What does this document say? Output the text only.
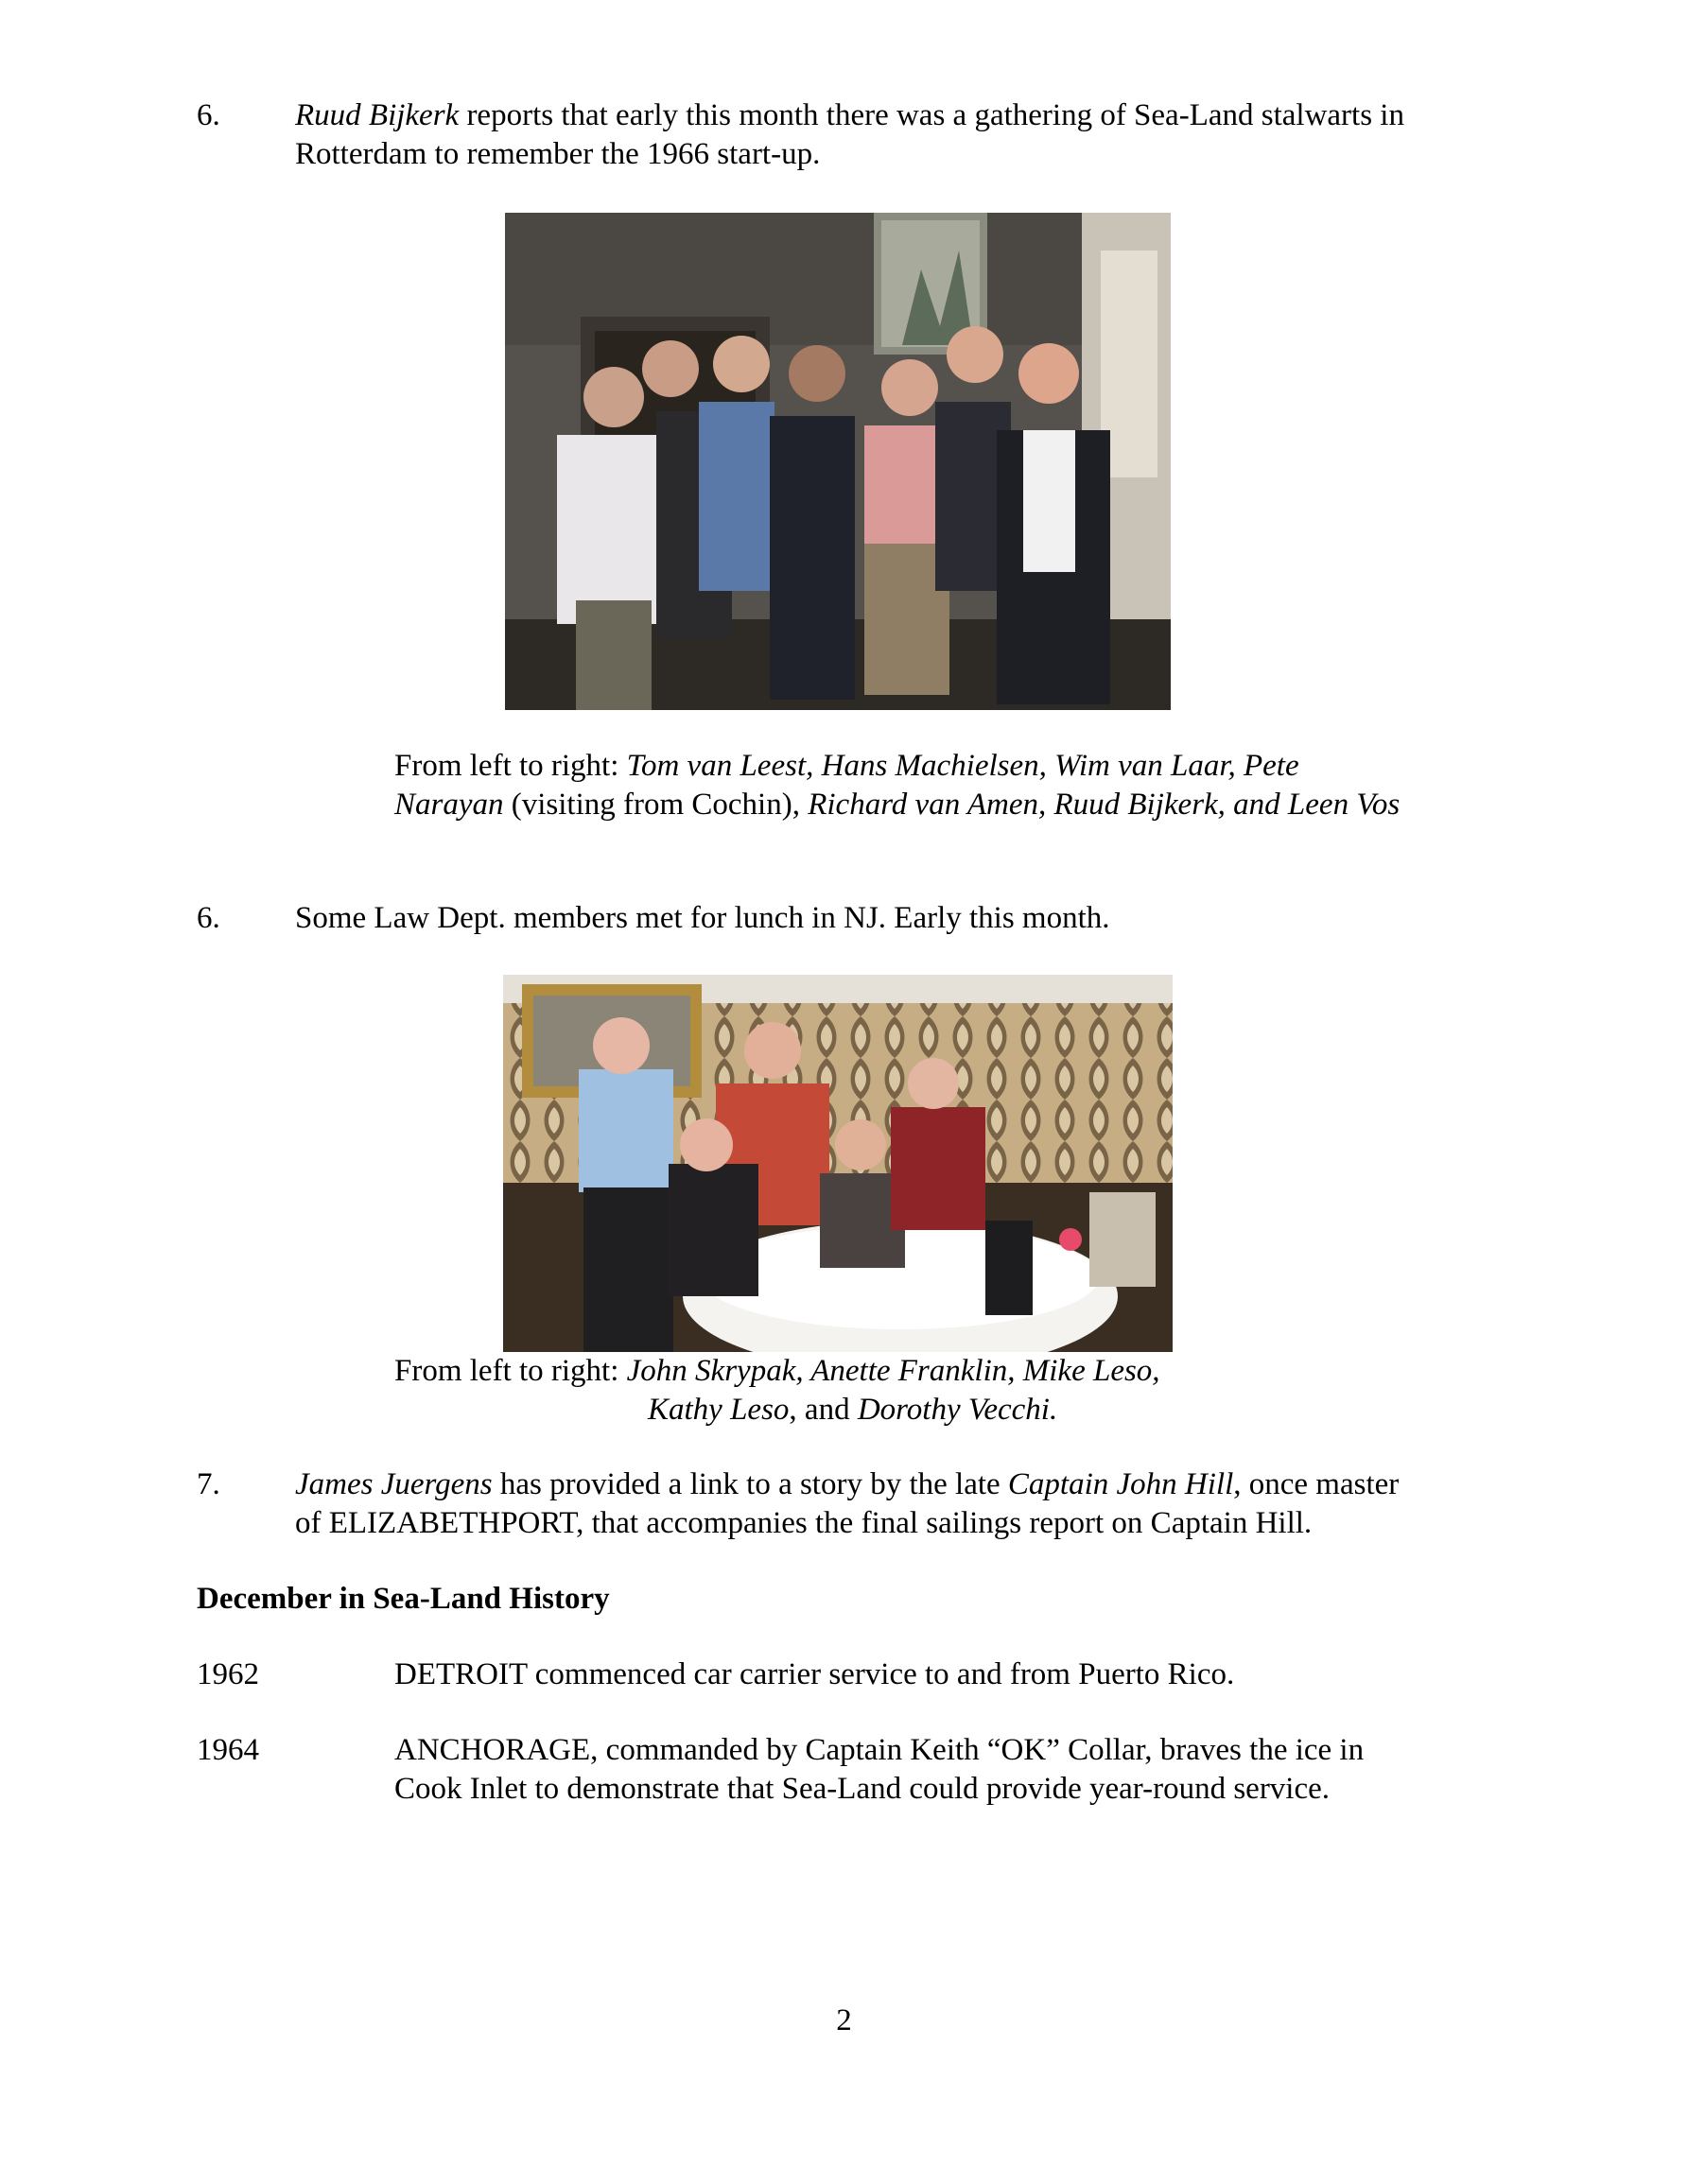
6. Ruud Bijkerk reports that early this month there was a gathering of Sea-Land stalwarts in
Rotterdam to remember the 1966 start-up.
From left to right: Tom van Leest, Hans Machielsen, Wim van Laar, Pete
Narayan (visiting from Cochin), Richard van Amen, Ruud Bijkerk, and Leen Vos
6. Some Law Dept. members met for lunch in NJ. Early this month.
From left to right: John Skrypak, Anette Franklin, Mike Leso,
Kathy Leso, and Dorothy Vecchi.
7. James Juergens has provided a link to a story by the late Captain John Hill, once master
of ELIZABETHPORT, that accompanies the final sailings report on Captain Hill.
December in Sea-Land History
1962	DETROIT commenced car carrier service to and from Puerto Rico.
1964	ANCHORAGE, commanded by Captain Keith “OK” Collar, braves the ice in
Cook Inlet to demonstrate that Sea-Land could provide year-round service.
2
